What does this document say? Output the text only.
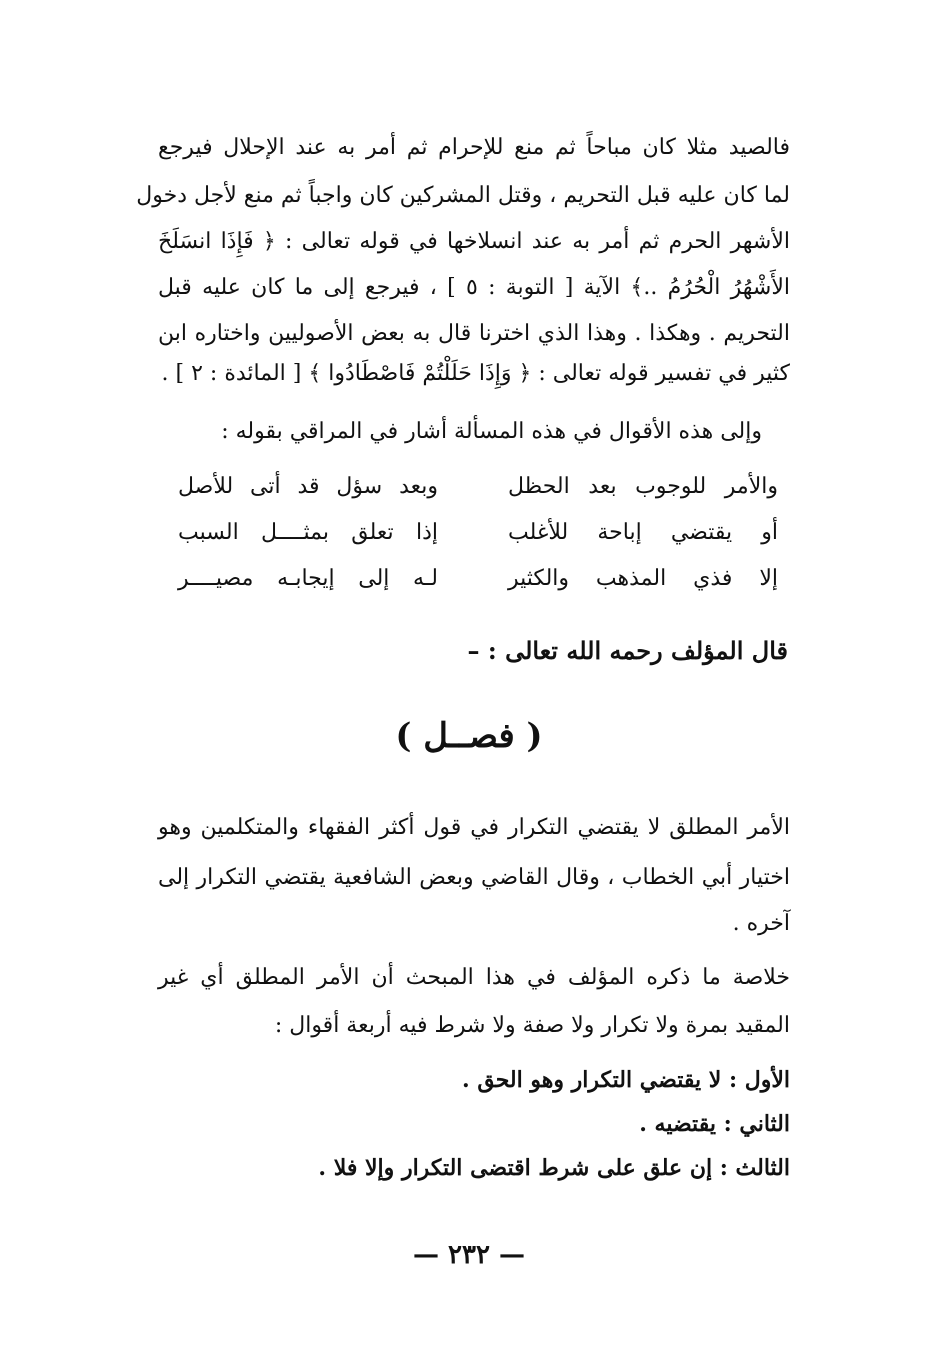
فالصيد مثلا كان مباحاً ثم منع للإحرام ثم أمر به عند الإحلال فيرجع
لما كان عليه قبل التحريم ، وقتل المشركين كان واجباً ثم منع لأجل دخول
الأشهر الحرم ثم أمر به عند انسلاخها في قوله تعالى : ﴿ فَإِذَا انسَلَخَ
الأَشْهُرُ الْحُرُمُ ..﴾ الآية [ التوبة : ٥ ] ، فيرجع إلى ما كان عليه قبل
التحريم . وهكذا . وهذا الذي اخترنا قال به بعض الأصوليين واختاره ابن
كثير في تفسير قوله تعالى : ﴿ وَإِذَا حَلَلْتُمْ فَاصْطَادُوا ﴾ [ المائدة : ٢ ] .
وإلى هذه الأقوال في هذه المسألة أشار في المراقي بقوله :
والأمر للوجوب بعد الحظل
وبعد سؤل قد أتى للأصل
أو يقتضي إباحة للأغلب
إذا تعلق بمثــــل السبب
إلا فذي المذهب والكثير
لـه إلى إيجابـه مصيــــر
قال المؤلف رحمه الله تعالى : –
( فصــل )
الأمر المطلق لا يقتضي التكرار في قول أكثر الفقهاء والمتكلمين وهو
اختيار أبي الخطاب ، وقال القاضي وبعض الشافعية يقتضي التكرار إلى
آخره .
خلاصة ما ذكره المؤلف في هذا المبحث أن الأمر المطلق أي غير
المقيد بمرة ولا تكرار ولا صفة ولا شرط فيه أربعة أقوال :
الأول : لا يقتضي التكرار وهو الحق .
الثاني : يقتضيه .
الثالث : إن علق على شرط اقتضى التكرار وإلا فلا .
— ٢٣٢ —
